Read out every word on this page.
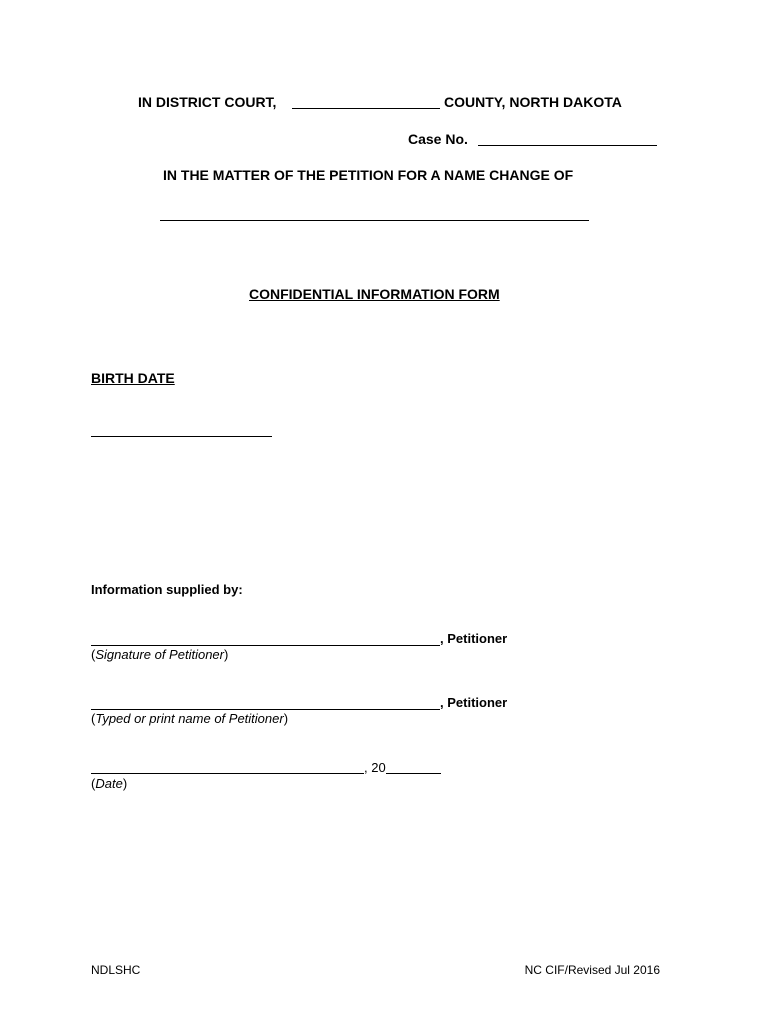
IN DISTRICT COURT,	COUNTY, NORTH DAKOTA
Case No.
IN THE MATTER OF THE PETITION FOR A NAME CHANGE OF
CONFIDENTIAL INFORMATION FORM
BIRTH DATE
Information supplied by:
, Petitioner
(Signature of Petitioner)
, Petitioner
(Typed or print name of Petitioner)
, 20
(Date)
NDLSHC	NC CIF/Revised Jul 2016
